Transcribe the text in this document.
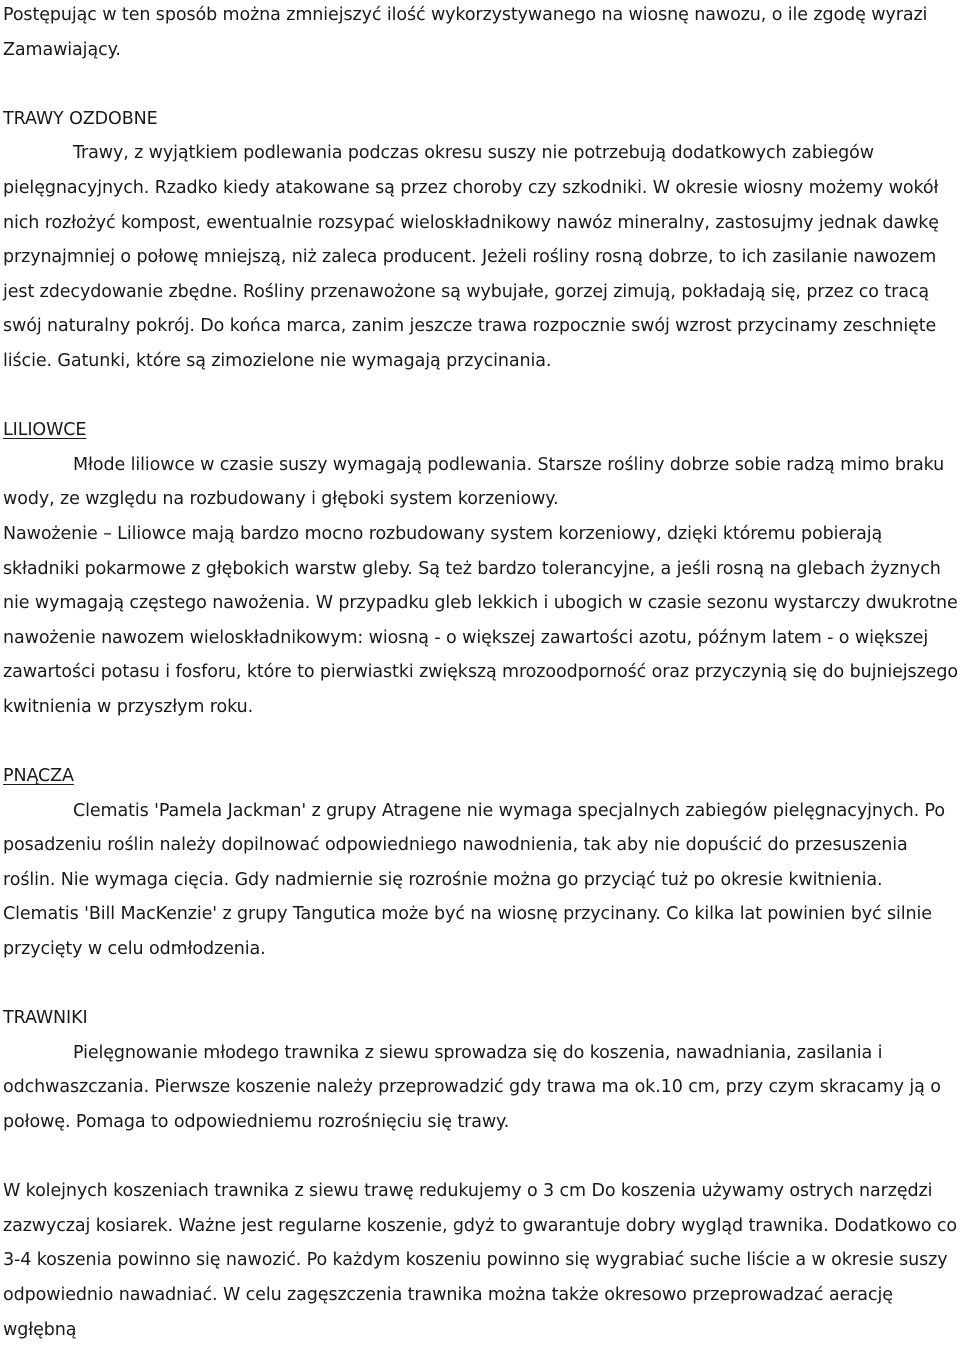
Postępując w ten sposób można zmniejszyć ilość wykorzystywanego na wiosnę nawozu, o ile zgodę wyrazi Zamawiający.

TRAWY OZDOBNE

Trawy, z wyjątkiem podlewania podczas okresu suszy nie potrzebują dodatkowych zabiegów pielęgnacyjnych. Rzadko kiedy atakowane są przez choroby czy szkodniki. W okresie wiosny możemy wokół nich rozłożyć kompost, ewentualnie rozsypać wieloskładnikowy nawóz mineralny, zastosujmy jednak dawkę przynajmniej o połowę mniejszą, niż zaleca producent. Jeżeli rośliny rosną dobrze, to ich zasilanie nawozem jest zdecydowanie zbędne. Rośliny przenawożone są wybujałe, gorzej zimują, pokładają się, przez co tracą swój naturalny pokrój. Do końca marca, zanim jeszcze trawa rozpocznie swój wzrost przycinamy zeschnięte liście. Gatunki, które są zimozielone nie wymagają przycinania.

LILIOWCE

Młode liliowce w czasie suszy wymagają podlewania. Starsze rośliny dobrze sobie radzą mimo braku wody, ze względu na rozbudowany i głęboki system korzeniowy.

Nawożenie – Liliowce mają bardzo mocno rozbudowany system korzeniowy, dzięki któremu pobierają składniki pokarmowe z głębokich warstw gleby. Są też bardzo tolerancyjne, a jeśli rosną na glebach żyznych nie wymagają częstego nawożenia. W przypadku gleb lekkich i ubogich w czasie sezonu wystarczy dwukrotne nawożenie nawozem wieloskładnikowym: wiosną - o większej zawartości azotu, późnym latem - o większej zawartości potasu i fosforu, które to pierwiastki zwiększą mrozoodporność oraz przyczynią się do bujniejszego kwitnienia w przyszłym roku.

PNĄCZA

Clematis 'Pamela Jackman' z grupy Atragene nie wymaga specjalnych zabiegów pielęgnacyjnych. Po posadzeniu roślin należy dopilnować odpowiedniego nawodnienia, tak aby nie dopuścić do przesuszenia roślin. Nie wymaga cięcia. Gdy nadmiernie się rozrośnie można go przyciąć tuż po okresie kwitnienia. Clematis 'Bill MacKenzie' z grupy Tangutica może być na wiosnę przycinany. Co kilka lat powinien być silnie przycięty w celu odmłodzenia.

TRAWNIKI

Pielęgnowanie młodego trawnika z siewu sprowadza się do koszenia, nawadniania, zasilania i odchwaszczania. Pierwsze koszenie należy przeprowadzić gdy trawa ma ok.10 cm, przy czym skracamy ją o połowę. Pomaga to odpowiedniemu rozrośnięciu się trawy.

W kolejnych koszeniach trawnika z siewu trawę redukujemy o 3 cm Do koszenia używamy ostrych narzędzi zazwyczaj kosiarek. Ważne jest regularne koszenie, gdyż to gwarantuje dobry wygląd trawnika. Dodatkowo co 3-4 koszenia powinno się nawozić. Po każdym koszeniu powinno się wygrabiać suche liście a w okresie suszy odpowiednio nawadniać. W celu zagęszczenia trawnika można także okresowo przeprowadzać aerację wgłębną
